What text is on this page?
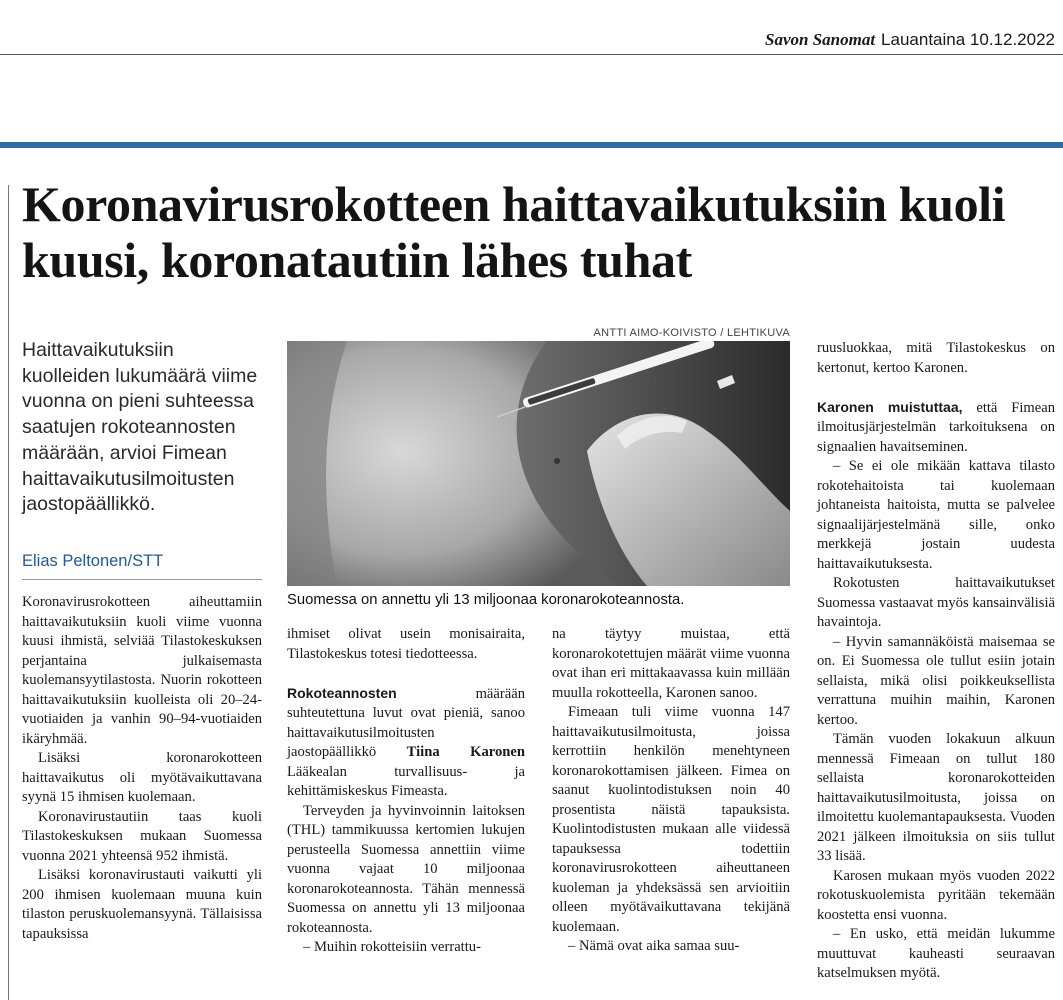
Savon Sanomat Lauantaina 10.12.2022
Koronavirusrokotteen haittavaikutuksiin kuoli kuusi, koronatautiin lähes tuhat

Haittavaikutuksiin kuolleiden lukumäärä viime vuonna on pieni suhteessa saatujen rokoteannosten määrään, arvioi Fimean haittavaikutusilmoitusten jaostopäällikkö.

Elias Peltonen/STT
ANTTI AIMO-KOIVISTO / LEHTIKUVA
Suomessa on annettu yli 13 miljoonaa koronarokoteannosta.

Koronavirusrokotteen aiheuttamiin haittavaikutuksiin kuoli viime vuonna kuusi ihmistä, selviää Tilastokeskuksen perjantaina julkaisemasta kuolemansyytilastosta. Nuorin rokotteen haittavaikutuksiin kuolleista oli 20–24-vuotiaiden ja vanhin 90–94-vuotiaiden ikäryhmää.

Lisäksi koronarokotteen haittavaikutus oli myötävaikuttavana syynä 15 ihmisen kuolemaan.

Koronavirustautiin taas kuoli Tilastokeskuksen mukaan Suomessa vuonna 2021 yhteensä 952 ihmistä.

Lisäksi koronavirustauti vaikutti yli 200 ihmisen kuolemaan muuna kuin tilaston peruskuolemansyynä. Tällaisissa tapauksissa

ihmiset olivat usein monisairaita, Tilastokeskus totesi tiedotteessa.

Rokoteannosten määrään suhteutettuna luvut ovat pieniä, sanoo haittavaikutusilmoitusten jaostopäällikkö Tiina Karonen Lääkealan turvallisuus- ja kehittämiskeskus Fimeasta.

Terveyden ja hyvinvoinnin laitoksen (THL) tammikuussa kertomien lukujen perusteella Suomessa annettiin viime vuonna vajaat 10 miljoonaa koronarokoteannosta. Tähän mennessä Suomessa on annettu yli 13 miljoonaa rokoteannosta.

– Muihin rokotteisiin verrattu-

na täytyy muistaa, että koronarokotettujen määrät viime vuonna ovat ihan eri mittakaavassa kuin millään muulla rokotteella, Karonen sanoo.

Fimeaan tuli viime vuonna 147 haittavaikutusilmoitusta, joissa kerrottiin henkilön menehtyneen koronarokottamisen jälkeen. Fimea on saanut kuolintodistuksen noin 40 prosentista näistä tapauksista. Kuolintodistusten mukaan alle viidessä tapauksessa todettiin koronavirusrokotteen aiheuttaneen kuoleman ja yhdeksässä sen arvioitiin olleen myötävaikuttavana tekijänä kuolemaan.

– Nämä ovat aika samaa suu-

ruusluokkaa, mitä Tilastokeskus on kertonut, kertoo Karonen.

Karonen muistuttaa, että Fimean ilmoitusjärjestelmän tarkoituksena on signaalien havaitseminen.

– Se ei ole mikään kattava tilasto rokotehaitoista tai kuolemaan johtaneista haitoista, mutta se palvelee signaalijärjestelmänä sille, onko merkkejä jostain uudesta haittavaikutuksesta.

Rokotusten haittavaikutukset Suomessa vastaavat myös kansainvälisiä havaintoja.

– Hyvin samannäköistä maisemaa se on. Ei Suomessa ole tullut esiin jotain sellaista, mikä olisi poikkeuksellista verrattuna muihin maihin, Karonen kertoo.

Tämän vuoden lokakuun alkuun mennessä Fimeaan on tullut 180 sellaista koronarokotteiden haittavaikutusilmoitusta, joissa on ilmoitettu kuolemantapauksesta. Vuoden 2021 jälkeen ilmoituksia on siis tullut 33 lisää.

Karosen mukaan myös vuoden 2022 rokotuskuolemista pyritään tekemään koostetta ensi vuonna.

– En usko, että meidän lukumme muuttuvat kauheasti seuraavan katselmuksen myötä.
